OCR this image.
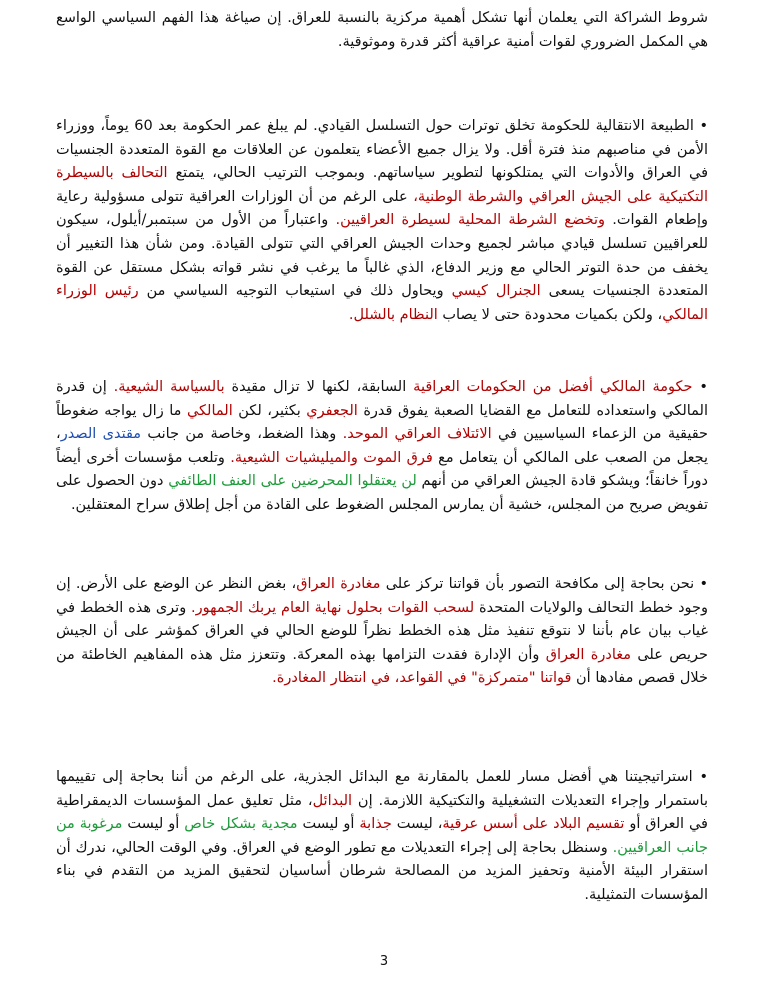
شروط الشراكة التي يعلمان أنها تشكل أهمية مركزية بالنسبة للعراق. إن صياغة هذا الفهم السياسي الواسع هي المكمل الضروري لقوات أمنية عراقية أكثر قدرة وموثوقية.

• الطبيعة الانتقالية للحكومة تخلق توترات حول التسلسل القيادي. لم يبلغ عمر الحكومة بعد 60 يوماً، ووزراء الأمن في مناصبهم منذ فترة أقل. ولا يزال جميع الأعضاء يتعلمون عن العلاقات مع القوة المتعددة الجنسيات في العراق والأدوات التي يمتلكونها لتطوير سياساتهم. وبموجب الترتيب الحالي، يتمتع التحالف بالسيطرة التكتيكية على الجيش العراقي والشرطة الوطنية، على الرغم من أن الوزارات العراقية تتولى مسؤولية رعاية وإطعام القوات. وتخضع الشرطة المحلية لسيطرة العراقيين. واعتباراً من الأول من سبتمبر/أيلول، سيكون للعراقيين تسلسل قيادي مباشر لجميع وحدات الجيش العراقي التي تتولى القيادة. ومن شأن هذا التغيير أن يخفف من حدة التوتر الحالي مع وزير الدفاع، الذي غالباً ما يرغب في نشر قواته بشكل مستقل عن القوة المتعددة الجنسيات يسعى الجنرال كيسي ويحاول ذلك في استيعاب التوجيه السياسي من رئيس الوزراء المالكي، ولكن بكميات محدودة حتى لا يصاب النظام بالشلل.

• حكومة المالكي أفضل من الحكومات العراقية السابقة، لكنها لا تزال مقيدة بالسياسة الشيعية. إن قدرة المالكي واستعداده للتعامل مع القضايا الصعبة يفوق قدرة الجعفري بكثير، لكن المالكي ما زال يواجه ضغوطاً حقيقية من الزعماء السياسيين في الائتلاف العراقي الموحد. وهذا الضغط، وخاصة من جانب مقتدى الصدر، يجعل من الصعب على المالكي أن يتعامل مع فرق الموت والميليشيات الشيعية. وتلعب مؤسسات أخرى أيضاً دوراً خانقاً؛ ويشكو قادة الجيش العراقي من أنهم لن يعتقلوا المحرضين على العنف الطائفي دون الحصول على تفويض صريح من المجلس، خشية أن يمارس المجلس الضغوط على القادة من أجل إطلاق سراح المعتقلين.

• نحن بحاجة إلى مكافحة التصور بأن قواتنا تركز على مغادرة العراق، بغض النظر عن الوضع على الأرض. إن وجود خطط التحالف والولايات المتحدة لسحب القوات بحلول نهاية العام يربك الجمهور. وترى هذه الخطط في غياب بيان عام بأننا لا نتوقع تنفيذ مثل هذه الخطط نظراً للوضع الحالي في العراق كمؤشر على أن الجيش حريص على مغادرة العراق وأن الإدارة فقدت التزامها بهذه المعركة. وتتعزز مثل هذه المفاهيم الخاطئة من خلال قصص مفادها أن قواتنا "متمركزة" في القواعد، في انتظار المغادرة.

• استراتيجيتنا هي أفضل مسار للعمل بالمقارنة مع البدائل الجذرية، على الرغم من أننا بحاجة إلى تقييمها باستمرار وإجراء التعديلات التشغيلية والتكتيكية اللازمة. إن البدائل، مثل تعليق عمل المؤسسات الديمقراطية في العراق أو تقسيم البلاد على أسس عرقية، ليست جذابة أو ليست مجدية بشكل خاص أو ليست مرغوبة من جانب العراقيين. وسنظل بحاجة إلى إجراء التعديلات مع تطور الوضع في العراق. وفي الوقت الحالي، ندرك أن استقرار البيئة الأمنية وتحفيز المزيد من المصالحة شرطان أساسيان لتحقيق المزيد من التقدم في بناء المؤسسات التمثيلية.

3
